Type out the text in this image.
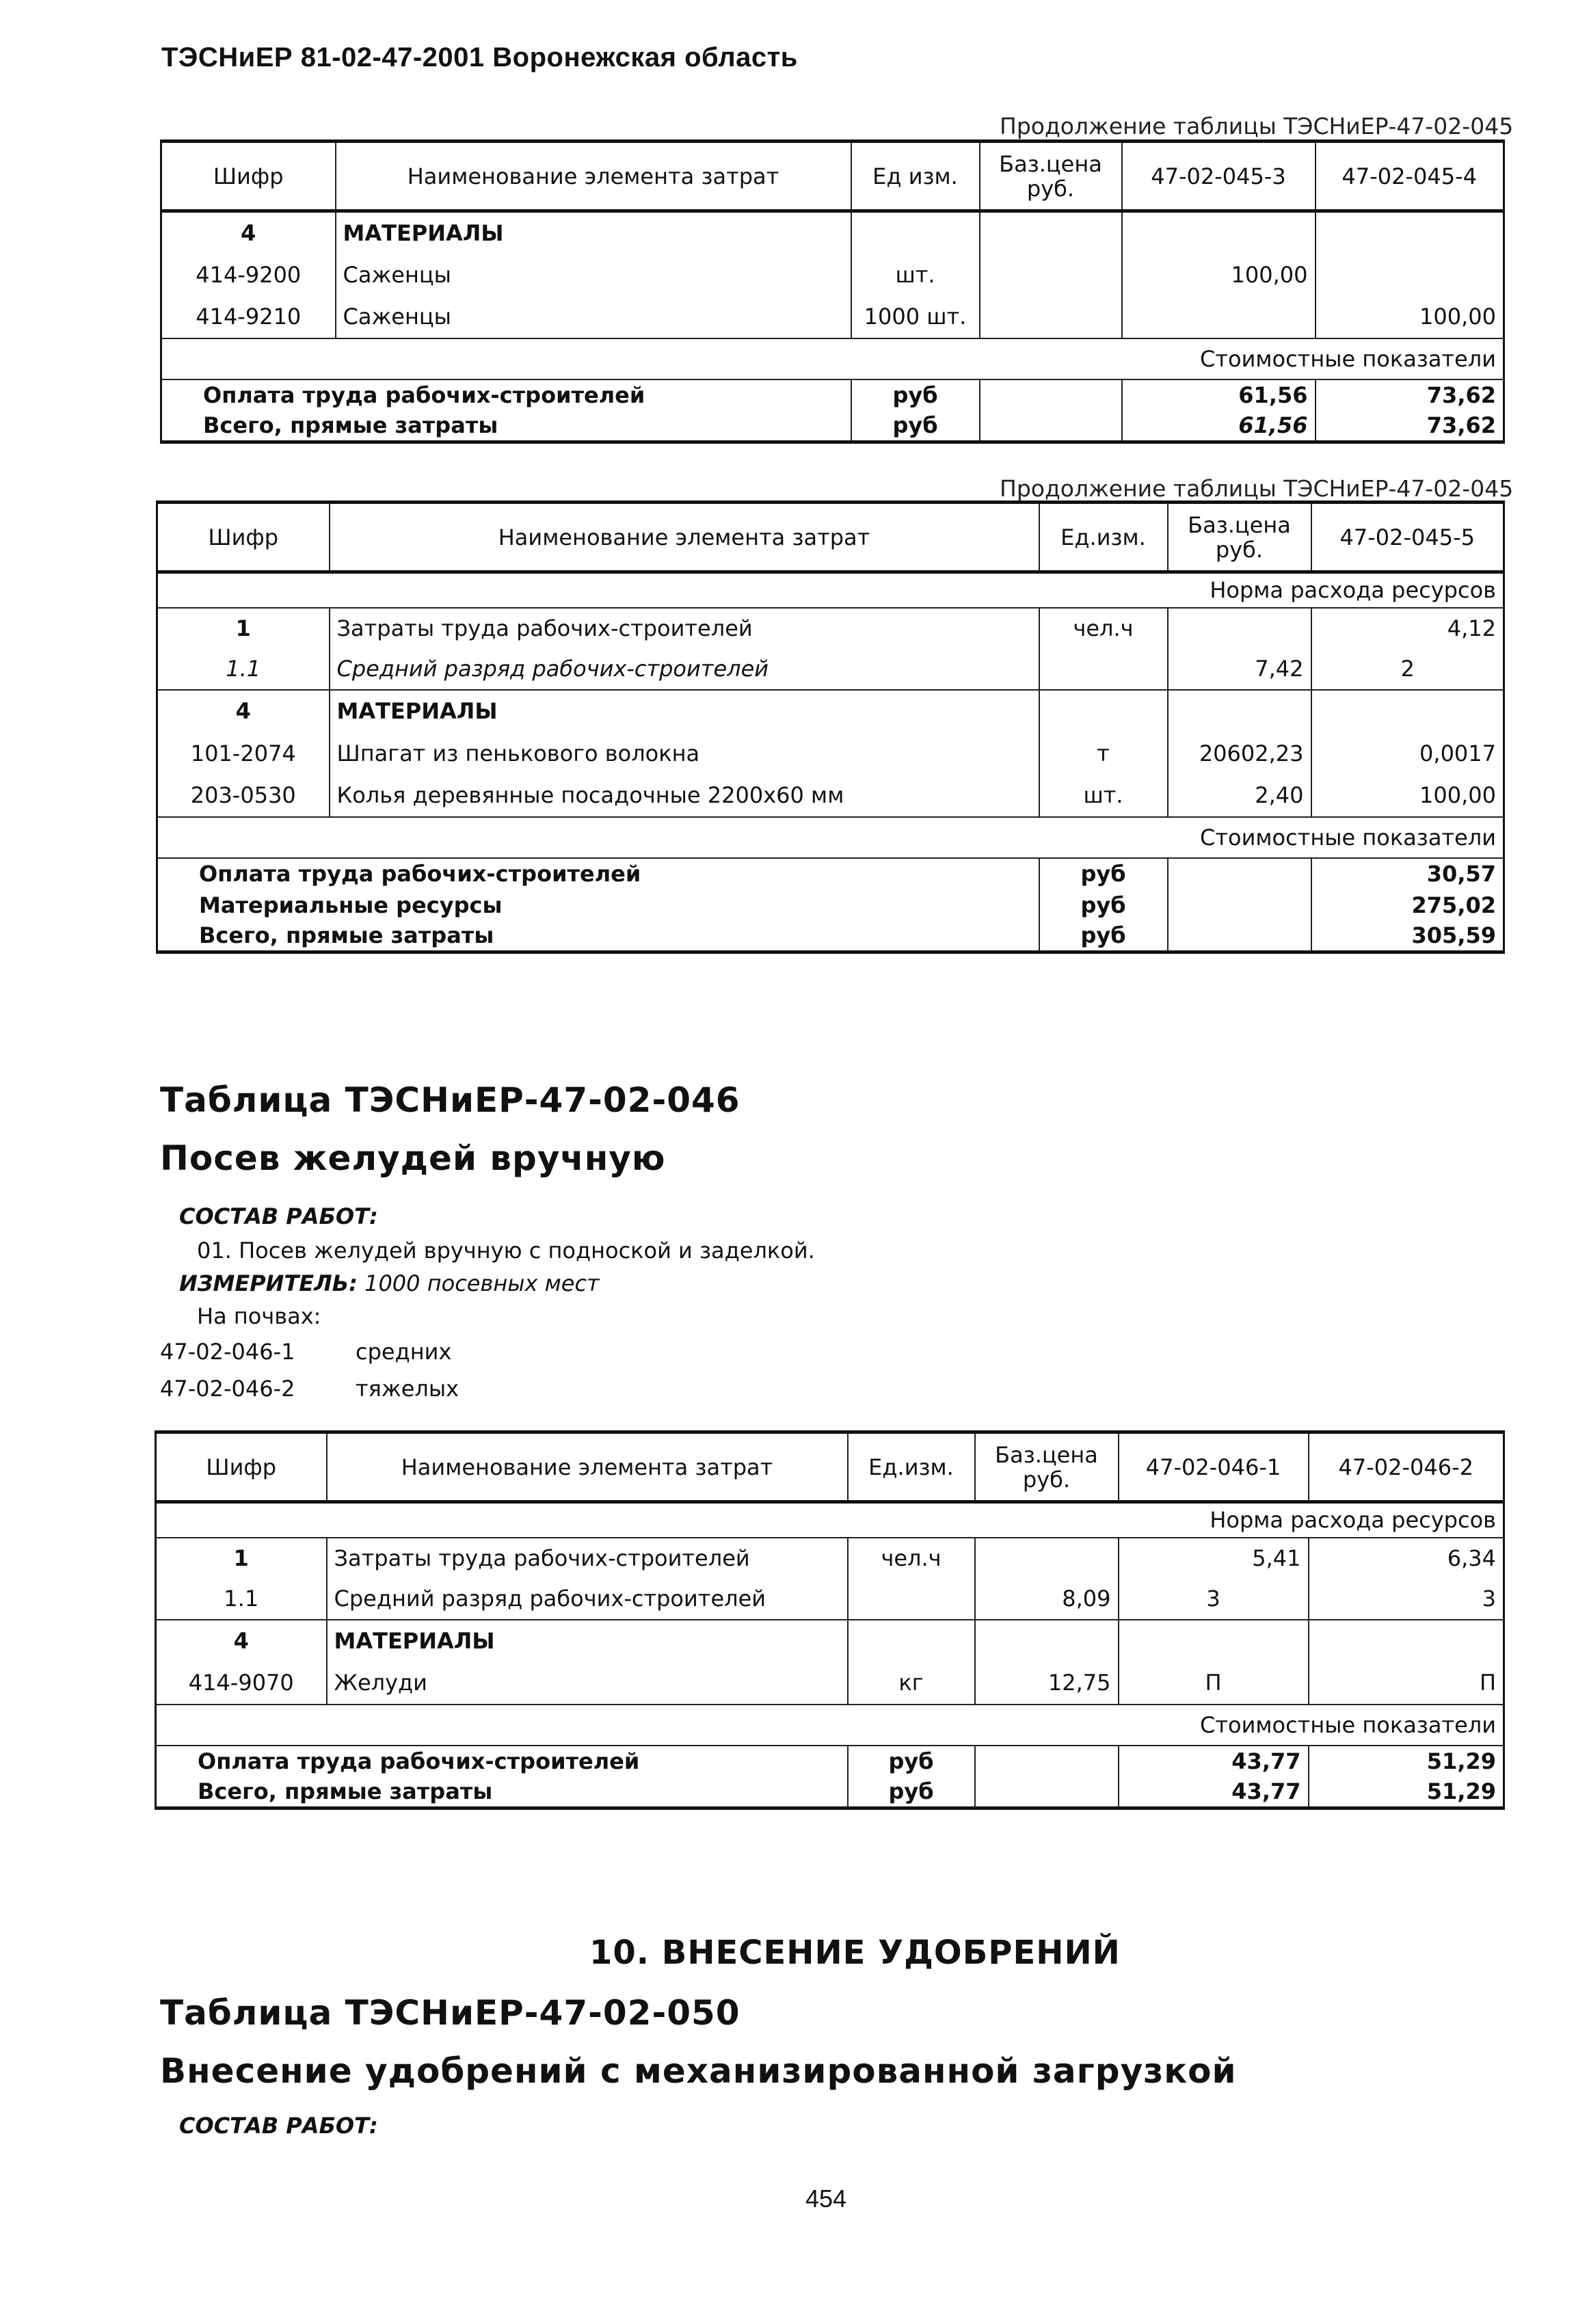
ТЭСНиЕР 81-02-47-2001 Воронежская область
Продолжение таблицы ТЭСНиЕР-47-02-045
Шифр	Наименование элемента затрат	Ед изм.	Баз.цена руб.	47-02-045-3	47-02-045-4
4	МАТЕРИАЛЫ				
414-9200	Саженцы	шт.		100,00	
414-9210	Саженцы	1000 шт.			100,00
Стоимостные показатели					
Оплата труда рабочих-строителей		руб		61,56	73,62
Всего, прямые затраты		руб		61,56	73,62
Продолжение таблицы ТЭСНиЕР-47-02-045
Шифр	Наименование элемента затрат	Ед.изм.	Баз.цена руб.	47-02-045-5
Норма расхода ресурсов				
1	Затраты труда рабочих-строителей	чел.ч		4,12
1.1	Средний разряд рабочих-строителей		7,42	2
4	МАТЕРИАЛЫ			
101-2074	Шпагат из пенькового волокна	т	20602,23	0,0017
203-0530	Колья деревянные посадочные 2200х60 мм	шт.	2,40	100,00
Стоимостные показатели				
Оплата труда рабочих-строителей		руб		30,57
Материальные ресурсы		руб		275,02
Всего, прямые затраты		руб		305,59
Таблица ТЭСНиЕР-47-02-046
Посев желудей вручную
СОСТАВ РАБОТ:
01. Посев желудей вручную с подноской и заделкой.
ИЗМЕРИТЕЛЬ: 1000 посевных мест
На почвах:
47-02-046-1	средних
47-02-046-2	тяжелых
Шифр	Наименование элемента затрат	Ед.изм.	Баз.цена руб.	47-02-046-1	47-02-046-2
Норма расхода ресурсов					
1	Затраты труда рабочих-строителей	чел.ч		5,41	6,34
1.1	Средний разряд рабочих-строителей		8,09	3	3
4	МАТЕРИАЛЫ				
414-9070	Желуди	кг	12,75	П	П
Стоимостные показатели					
Оплата труда рабочих-строителей		руб		43,77	51,29
Всего, прямые затраты		руб		43,77	51,29
10. ВНЕСЕНИЕ УДОБРЕНИЙ
Таблица ТЭСНиЕР-47-02-050
Внесение удобрений с механизированной загрузкой
СОСТАВ РАБОТ:
454
